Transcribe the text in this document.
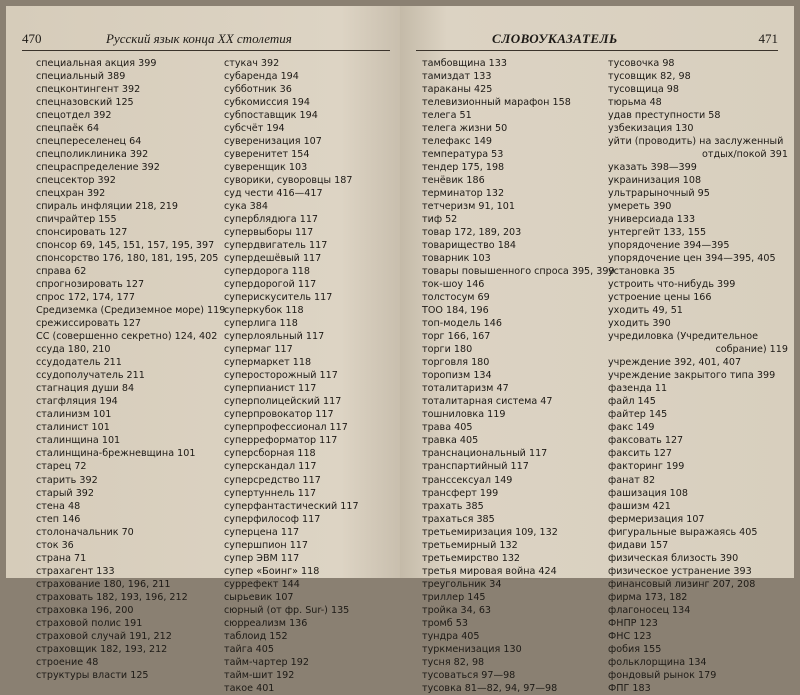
470	Русский язык конца XX столетия
специальная акция 399
специальный 389
спецконтингент 392
спецназовский 125
спецотдел 392
спецпаёк 64
спецпереселенец 64
спецполиклиника 392
спецраспределение 392
спецсектор 392
спецхран 392
спираль инфляции 218, 219
спичрайтер 155
спонсировать 127
спонсор 69, 145, 151, 157, 195, 397
спонсорство 176, 180, 181, 195, 205
справа 62
спрогнозировать 127
спрос 172, 174, 177
Средиземка (Средиземное море) 119
срежиссировать 127
СС (совершенно секретно) 124, 402
ссуда 180, 210
ссудодатель 211
ссудополучатель 211
стагнация души 84
стагфляция 194
сталинизм 101
сталинист 101
сталинщина 101
сталинщина-брежневщина 101
старец 72
старить 392
старый 392
стена 48
степ 146
столоначальник 70
сток 36
страна 71
страхагент 133
страхование 180, 196, 211
страховать 182, 193, 196, 212
страховка 196, 200
страховой полис 191
страховой случай 191, 212
страховщик 182, 193, 212
строение 48
структуры власти 125
стукач 392
субаренда 194
субботник 36
субкомиссия 194
субпоставщик 194
субсчёт 194
суверенизация 107
суверенитет 154
суверенщик 103
суворики, суворовцы 187
суд чести 416—417
сука 384
суперблядюга 117
супервыборы 117
супердвигатель 117
супердешёвый 117
супердорога 118
супердорогой 117
суперискуситель 117
суперкубок 118
суперлига 118
суперлояльный 117
супермаг 117
супермаркет 118
суперосторожный 117
суперпианист 117
суперполицейский 117
суперпровокатор 117
суперпрофессионал 117
суперреформатор 117
суперсборная 118
суперскандал 117
суперсредство 117
супертуннель 117
суперфантастический 117
суперфилософ 117
суперцена 117
супершпион 117
супер ЭВМ 117
супер «Боинг» 118
суррефект 144
сырьевик 107
сюрный (от фр. Sur-) 135
сюрреализм 136
таблоид 152
тайга 405
тайм-чартер 192
тайм-шит 192
такое 401
СЛОВОУКАЗАТЕЛЬ	471
тамбовщина 133
тамиздат 133
тараканы 425
телевизионный марафон 158
телега 51
телега жизни 50
телефакс 149
температура 53
тендер 175, 198
тенёвик 186
терминатор 132
тетчеризм 91, 101
тиф 52
товар 172, 189, 203
товарищество 184
товарник 103
товары повышенного спроса 395, 399
ток-шоу 146
толстосум 69
ТОО 184, 196
топ-модель 146
торг 166, 167
торги 180
торговля 180
торопизм 134
тоталитаризм 47
тоталитарная система 47
тошниловка 119
трава 405
травка 405
транснациональный 117
транспартийный 117
транссексуал 149
трансферт 199
трахать 385
трахаться 385
третьемиризация 109, 132
третьемирный 132
третьемирство 132
третья мировая война 424
треугольник 34
триллер 145
тройка 34, 63
тромб 53
тундра 405
туркменизация 130
тусня 82, 98
тусоваться 97—98
тусовка 81—82, 94, 97—98
тусовочка 98
тусовщик 82, 98
тусовщица 98
тюрьма 48
удав преступности 58
узбекизация 130
уйти (проводить) на заслуженный
отдых/покой 391
указать 398—399
украинизация 108
ультрарыночный 95
умереть 390
универсиада 133
унтергейт 133, 155
упорядочение 394—395
упорядочение цен 394—395, 405
установка 35
устроить что-нибудь 399
устроение цены 166
уходить 49, 51
уходить 390
учредиловка (Учредительное
собрание) 119
учреждение 392, 401, 407
учреждение закрытого типа 399
фазенда 11
файл 145
файтер 145
факс 149
факсовать 127
факсить 127
факторинг 199
фанат 82
фашизация 108
фашизм 421
фермеризация 107
фигуральные выражаясь 405
фидави 157
физическая близость 390
физическое устранение 393
финансовый лизинг 207, 208
фирма 173, 182
флагоносец 134
ФНПР 123
ФНС 123
фобия 155
фольклорщина 134
фондовый рынок 179
ФПГ 183
